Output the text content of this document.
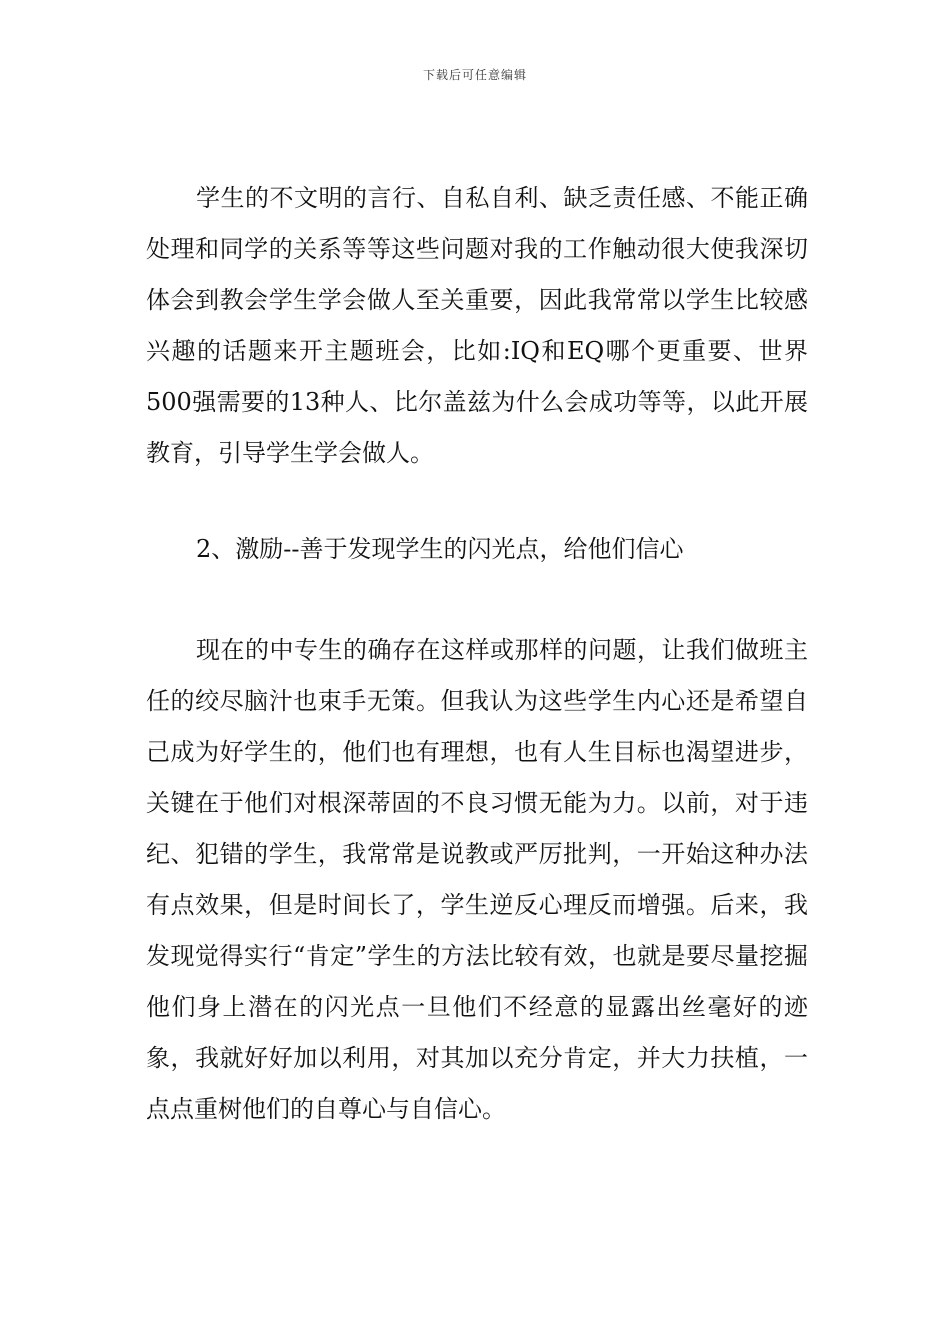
下载后可任意编辑

学生的不文明的言行、自私自利、缺乏责任感、不能正确处理和同学的关系等等这些问题对我的工作触动很大使我深切体会到教会学生学会做人至关重要，因此我常常以学生比较感兴趣的话题来开主题班会，比如:IQ和EQ哪个更重要、世界500强需要的13种人、比尔盖兹为什么会成功等等，以此开展教育，引导学生学会做人。

2、激励--善于发现学生的闪光点，给他们信心

现在的中专生的确存在这样或那样的问题，让我们做班主任的绞尽脑汁也束手无策。但我认为这些学生内心还是希望自己成为好学生的，他们也有理想，也有人生目标也渴望进步，关键在于他们对根深蒂固的不良习惯无能为力。以前，对于违纪、犯错的学生，我常常是说教或严厉批判，一开始这种办法有点效果，但是时间长了，学生逆反心理反而增强。后来，我发现觉得实行“肯定”学生的方法比较有效，也就是要尽量挖掘他们身上潜在的闪光点一旦他们不经意的显露出丝毫好的迹象，我就好好加以利用，对其加以充分肯定，并大力扶植，一点点重树他们的自尊心与自信心。
